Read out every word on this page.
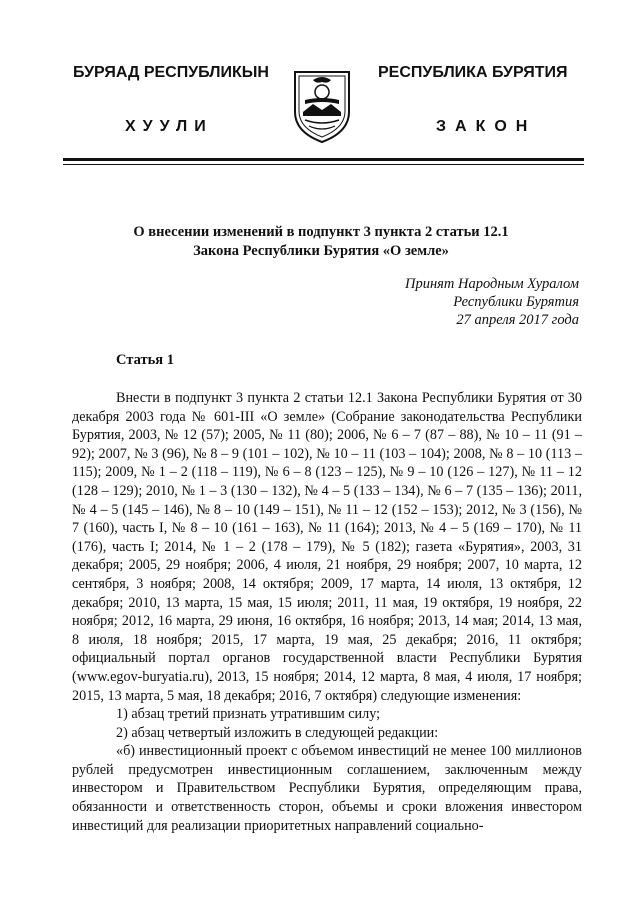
БУРЯАД РЕСПУБЛИКЫН
ХУУЛИ
РЕСПУБЛИКА БУРЯТИЯ
ЗАКОН
О внесении изменений в подпункт 3 пункта 2 статьи 12.1
Закона Республики Бурятия «О земле»
Принят Народным Хуралом
Республики Бурятия
27 апреля 2017 года
Статья 1

Внести в подпункт 3 пункта 2 статьи 12.1 Закона Республики Бурятия от 30 декабря 2003 года № 601-III «О земле» (Собрание законодательства Республики Бурятия, 2003, № 12 (57); 2005, № 11 (80); 2006, № 6 – 7 (87 – 88), № 10 – 11 (91 – 92); 2007, № 3 (96), № 8 – 9 (101 – 102), № 10 – 11 (103 – 104); 2008, № 8 – 10 (113 – 115); 2009, № 1 – 2 (118 – 119), № 6 – 8 (123 – 125), № 9 – 10 (126 – 127), № 11 – 12 (128 – 129); 2010, № 1 – 3 (130 – 132), № 4 – 5 (133 – 134), № 6 – 7 (135 – 136); 2011, № 4 – 5 (145 – 146), № 8 – 10 (149 – 151), № 11 – 12 (152 – 153); 2012, № 3 (156), № 7 (160), часть I, № 8 – 10 (161 – 163), № 11 (164); 2013, № 4 – 5 (169 – 170), № 11 (176), часть I; 2014, № 1 – 2 (178 – 179), № 5 (182); газета «Бурятия», 2003, 31 декабря; 2005, 29 ноября; 2006, 4 июля, 21 ноября, 29 ноября; 2007, 10 марта, 12 сентября, 3 ноября; 2008, 14 октября; 2009, 17 марта, 14 июля, 13 октября, 12 декабря; 2010, 13 марта, 15 мая, 15 июля; 2011, 11 мая, 19 октября, 19 ноября, 22 ноября; 2012, 16 марта, 29 июня, 16 октября, 16 ноября; 2013, 14 мая; 2014, 13 мая, 8 июля, 18 ноября; 2015, 17 марта, 19 мая, 25 декабря; 2016, 11 октября; официальный портал органов государственной власти Республики Бурятия (www.egov-buryatia.ru), 2013, 15 ноября; 2014, 12 марта, 8 мая, 4 июля, 17 ноября; 2015, 13 марта, 5 мая, 18 декабря; 2016, 7 октября) следующие изменения:

1) абзац третий признать утратившим силу;

2) абзац четвертый изложить в следующей редакции:

«б) инвестиционный проект с объемом инвестиций не менее 100 миллионов рублей предусмотрен инвестиционным соглашением, заключенным между инвестором и Правительством Республики Бурятия, определяющим права, обязанности и ответственность сторон, объемы и сроки вложения инвестором инвестиций для реализации приоритетных направлений социально-
